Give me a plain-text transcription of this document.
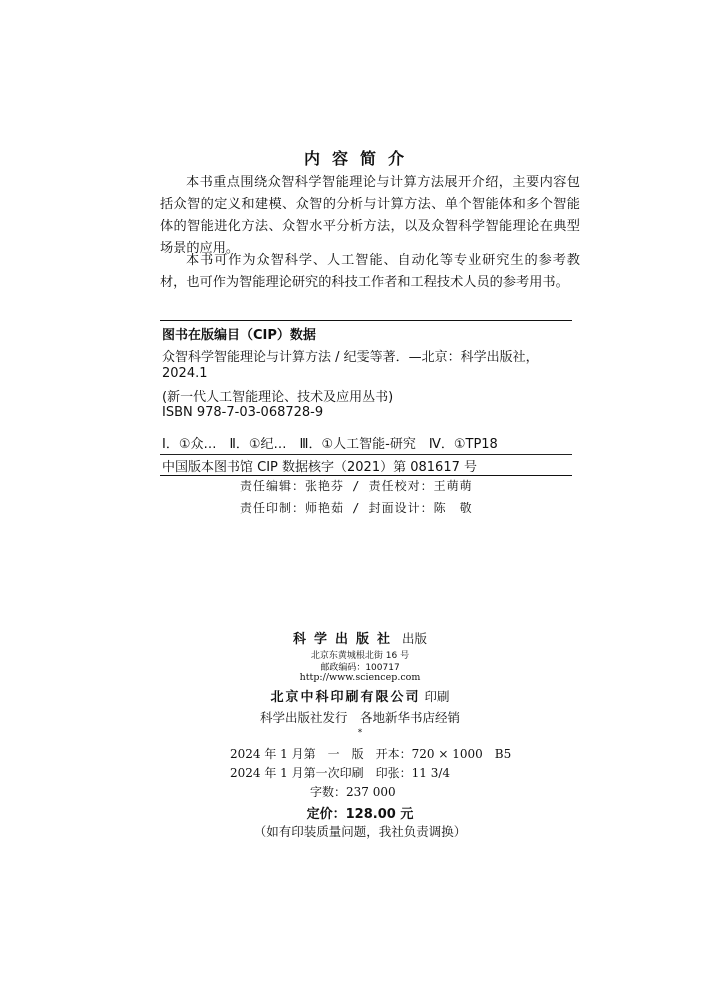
内容简介
本书重点围绕众智科学智能理论与计算方法展开介绍，主要内容包括众智的定义和建模、众智的分析与计算方法、单个智能体和多个智能体的智能进化方法、众智水平分析方法，以及众智科学智能理论在典型场景的应用。
本书可作为众智科学、人工智能、自动化等专业研究生的参考教材，也可作为智能理论研究的科技工作者和工程技术人员的参考用书。
图书在版编目（CIP）数据
众智科学智能理论与计算方法 / 纪雯等著．—北京：科学出版社，
2024.1
(新一代人工智能理论、技术及应用丛书)
ISBN 978-7-03-068728-9
Ⅰ．①众…　Ⅱ．①纪…　Ⅲ．①人工智能-研究　Ⅳ．①TP18
中国版本图书馆 CIP 数据核字（2021）第 081617 号
责任编辑：张艳芬 / 责任校对：王萌萌
责任印制：师艳茹 / 封面设计：陈　敬
科学出版社 出版
北京东黄城根北街 16 号
邮政编码：100717
http://www.sciencep.com
北京中科印刷有限公司 印刷
科学出版社发行　各地新华书店经销
*
2024 年 1 月第　一　版　开本：720 × 1000　B5
2024 年 1 月第一次印刷　印张：11 3/4
字数：237 000
定价：128.00 元
（如有印装质量问题，我社负责调换）
